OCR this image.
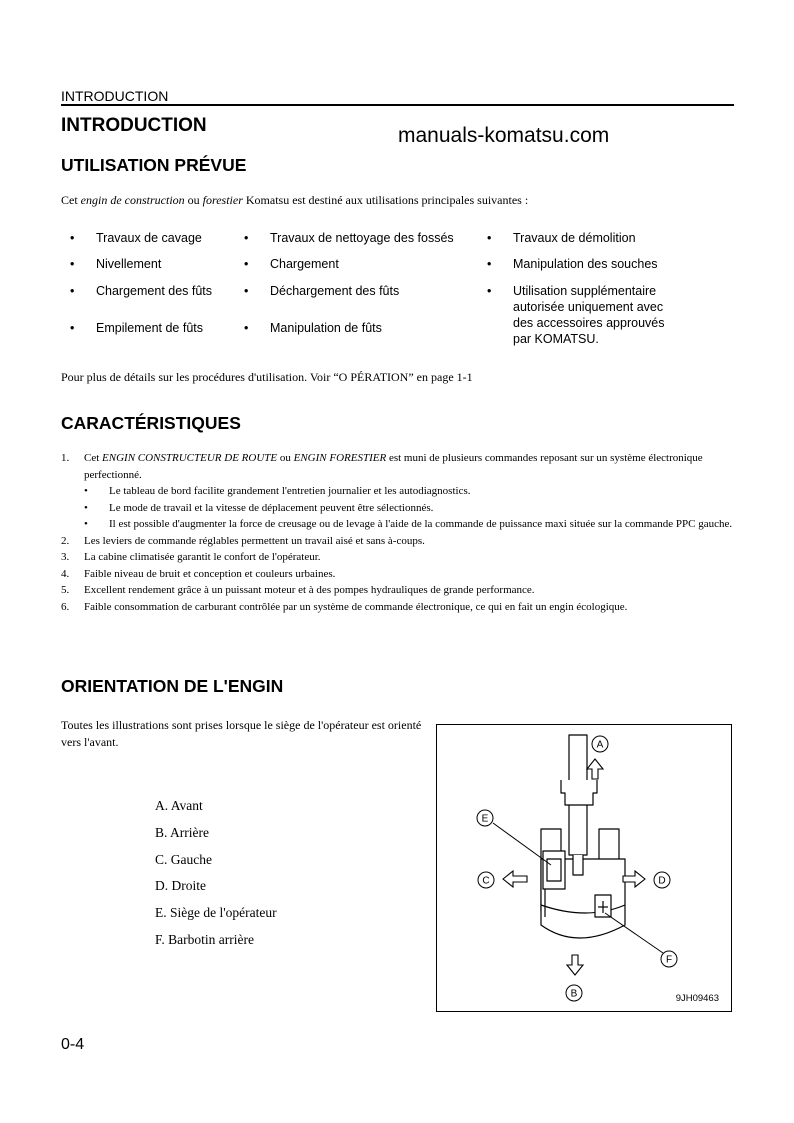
INTRODUCTION
INTRODUCTION	manuals-komatsu.com
UTILISATION PRÉVUE
Cet engin de construction ou forestier Komatsu est destiné aux utilisations principales suivantes :
• Travaux de cavage
• Nivellement
• Chargement des fûts
• Empilement de fûts
• Travaux de nettoyage des fossés
• Chargement
• Déchargement des fûts
• Manipulation de fûts
• Travaux de démolition
• Manipulation des souches
• Utilisation supplémentaire
autorisée uniquement avec
des accessoires approuvés
par KOMATSU.
Pour plus de détails sur les procédures d'utilisation. Voir “O PÉRATION” en page 1-1
CARACTÉRISTIQUES
1. Cet ENGIN CONSTRUCTEUR DE ROUTE ou ENGIN FORESTIER est muni de plusieurs commandes reposant sur un système électronique perfectionné.
• Le tableau de bord facilite grandement l'entretien journalier et les autodiagnostics.
• Le mode de travail et la vitesse de déplacement peuvent être sélectionnés.
• Il est possible d'augmenter la force de creusage ou de levage à l'aide de la commande de puissance maxi située sur la commande PPC gauche.
2. Les leviers de commande réglables permettent un travail aisé et sans à-coups.
3. La cabine climatisée garantit le confort de l'opérateur.
4. Faible niveau de bruit et conception et couleurs urbaines.
5. Excellent rendement grâce à un puissant moteur et à des pompes hydrauliques de grande performance.
6. Faible consommation de carburant contrôlée par un système de commande électronique, ce qui en fait un engin écologique.
ORIENTATION DE L'ENGIN
Toutes les illustrations sont prises lorsque le siège de l'opérateur est orienté vers l'avant.
A. Avant
B. Arrière
C. Gauche
D. Droite
E. Siège de l'opérateur
F. Barbotin arrière
A
B
C	D
E
F
9JH09463
0-4
